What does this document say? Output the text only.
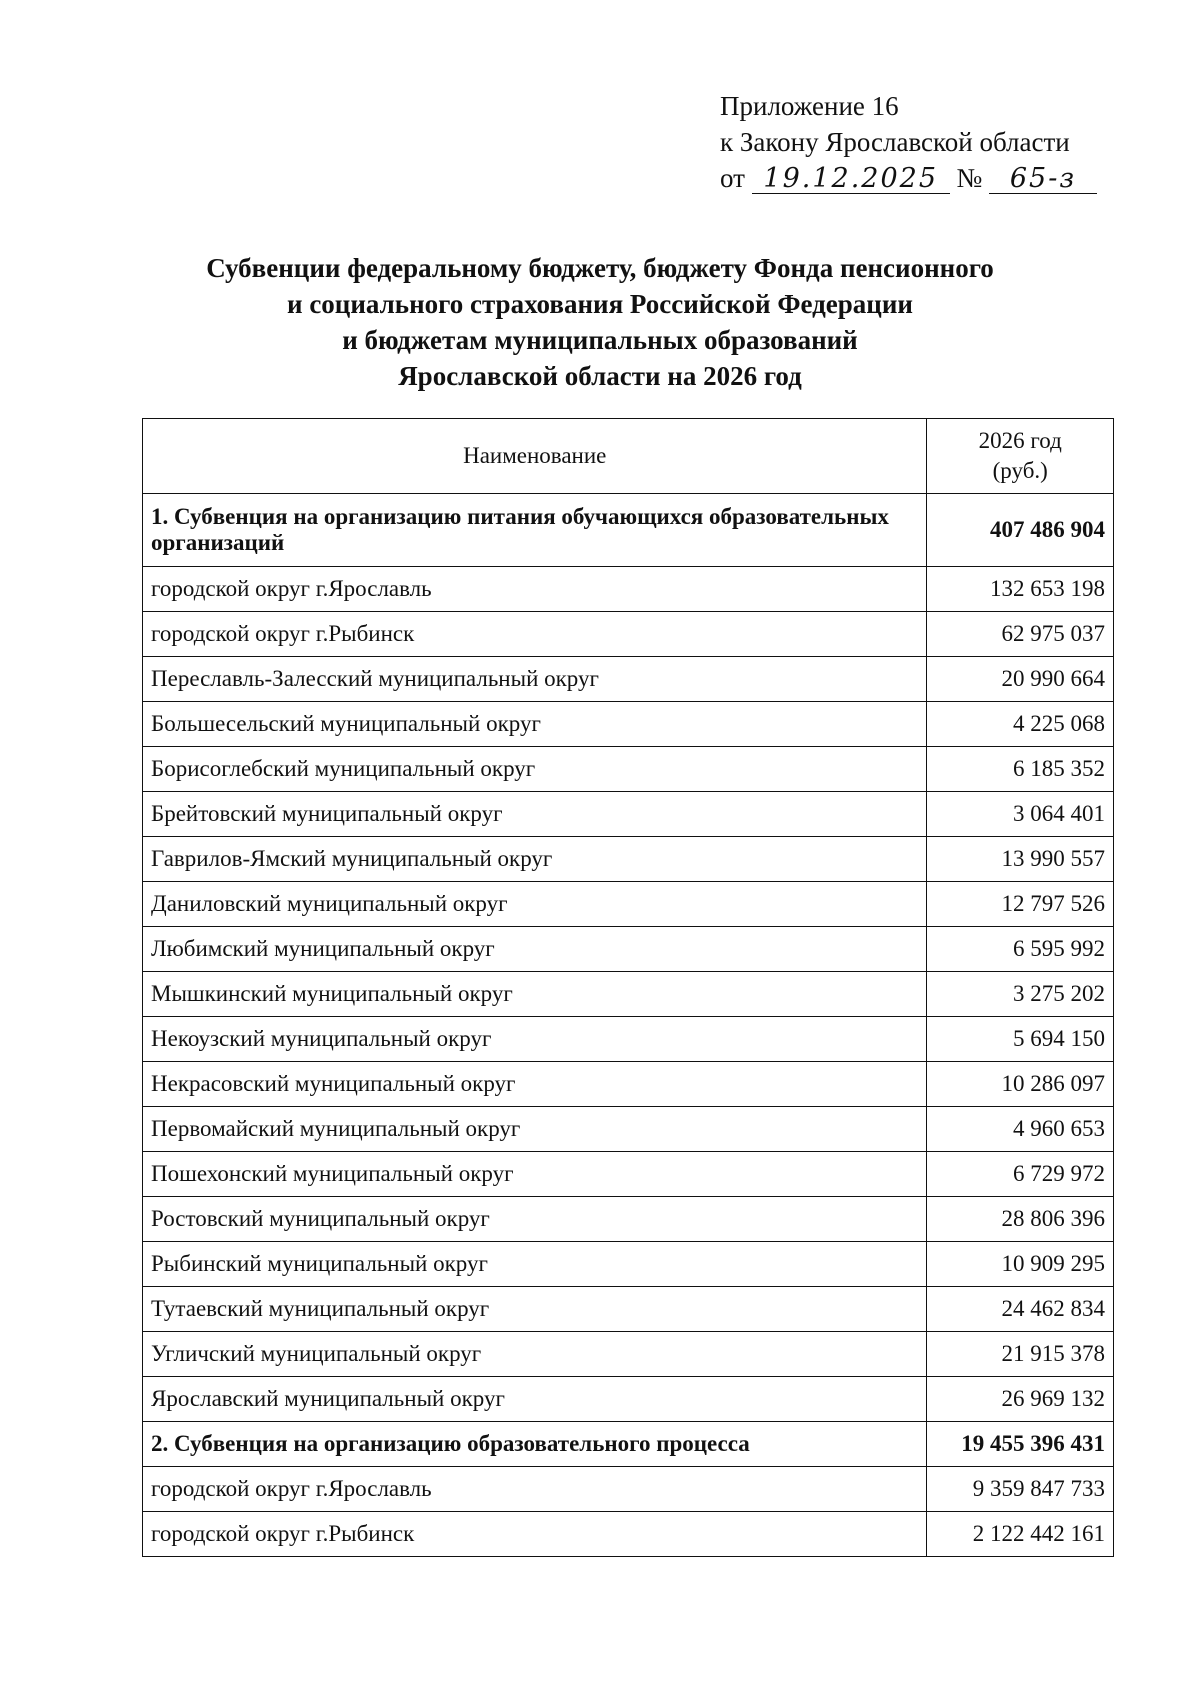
Приложение 16
к Закону Ярославской области
от 19.12.2025 № 65-з
Субвенции федеральному бюджету, бюджету Фонда пенсионного
и социального страхования Российской Федерации
и бюджетам муниципальных образований
Ярославской области на 2026 год
Наименование	2026 год
(руб.)

1. Субвенция на организацию питания обучающихся образовательных организаций	407 486 904
городской округ г.Ярославль	132 653 198
городской округ г.Рыбинск	62 975 037
Переславль-Залесский муниципальный округ	20 990 664
Большесельский муниципальный округ	4 225 068
Борисоглебский муниципальный округ	6 185 352
Брейтовский муниципальный округ	3 064 401
Гаврилов-Ямский муниципальный округ	13 990 557
Даниловский муниципальный округ	12 797 526
Любимский муниципальный округ	6 595 992
Мышкинский муниципальный округ	3 275 202
Некоузский муниципальный округ	5 694 150
Некрасовский муниципальный округ	10 286 097
Первомайский муниципальный округ	4 960 653
Пошехонский муниципальный округ	6 729 972
Ростовский муниципальный округ	28 806 396
Рыбинский муниципальный округ	10 909 295
Тутаевский муниципальный округ	24 462 834
Угличский муниципальный округ	21 915 378
Ярославский муниципальный округ	26 969 132
2. Субвенция на организацию образовательного процесса	19 455 396 431
городской округ г.Ярославль	9 359 847 733
городской округ г.Рыбинск	2 122 442 161
